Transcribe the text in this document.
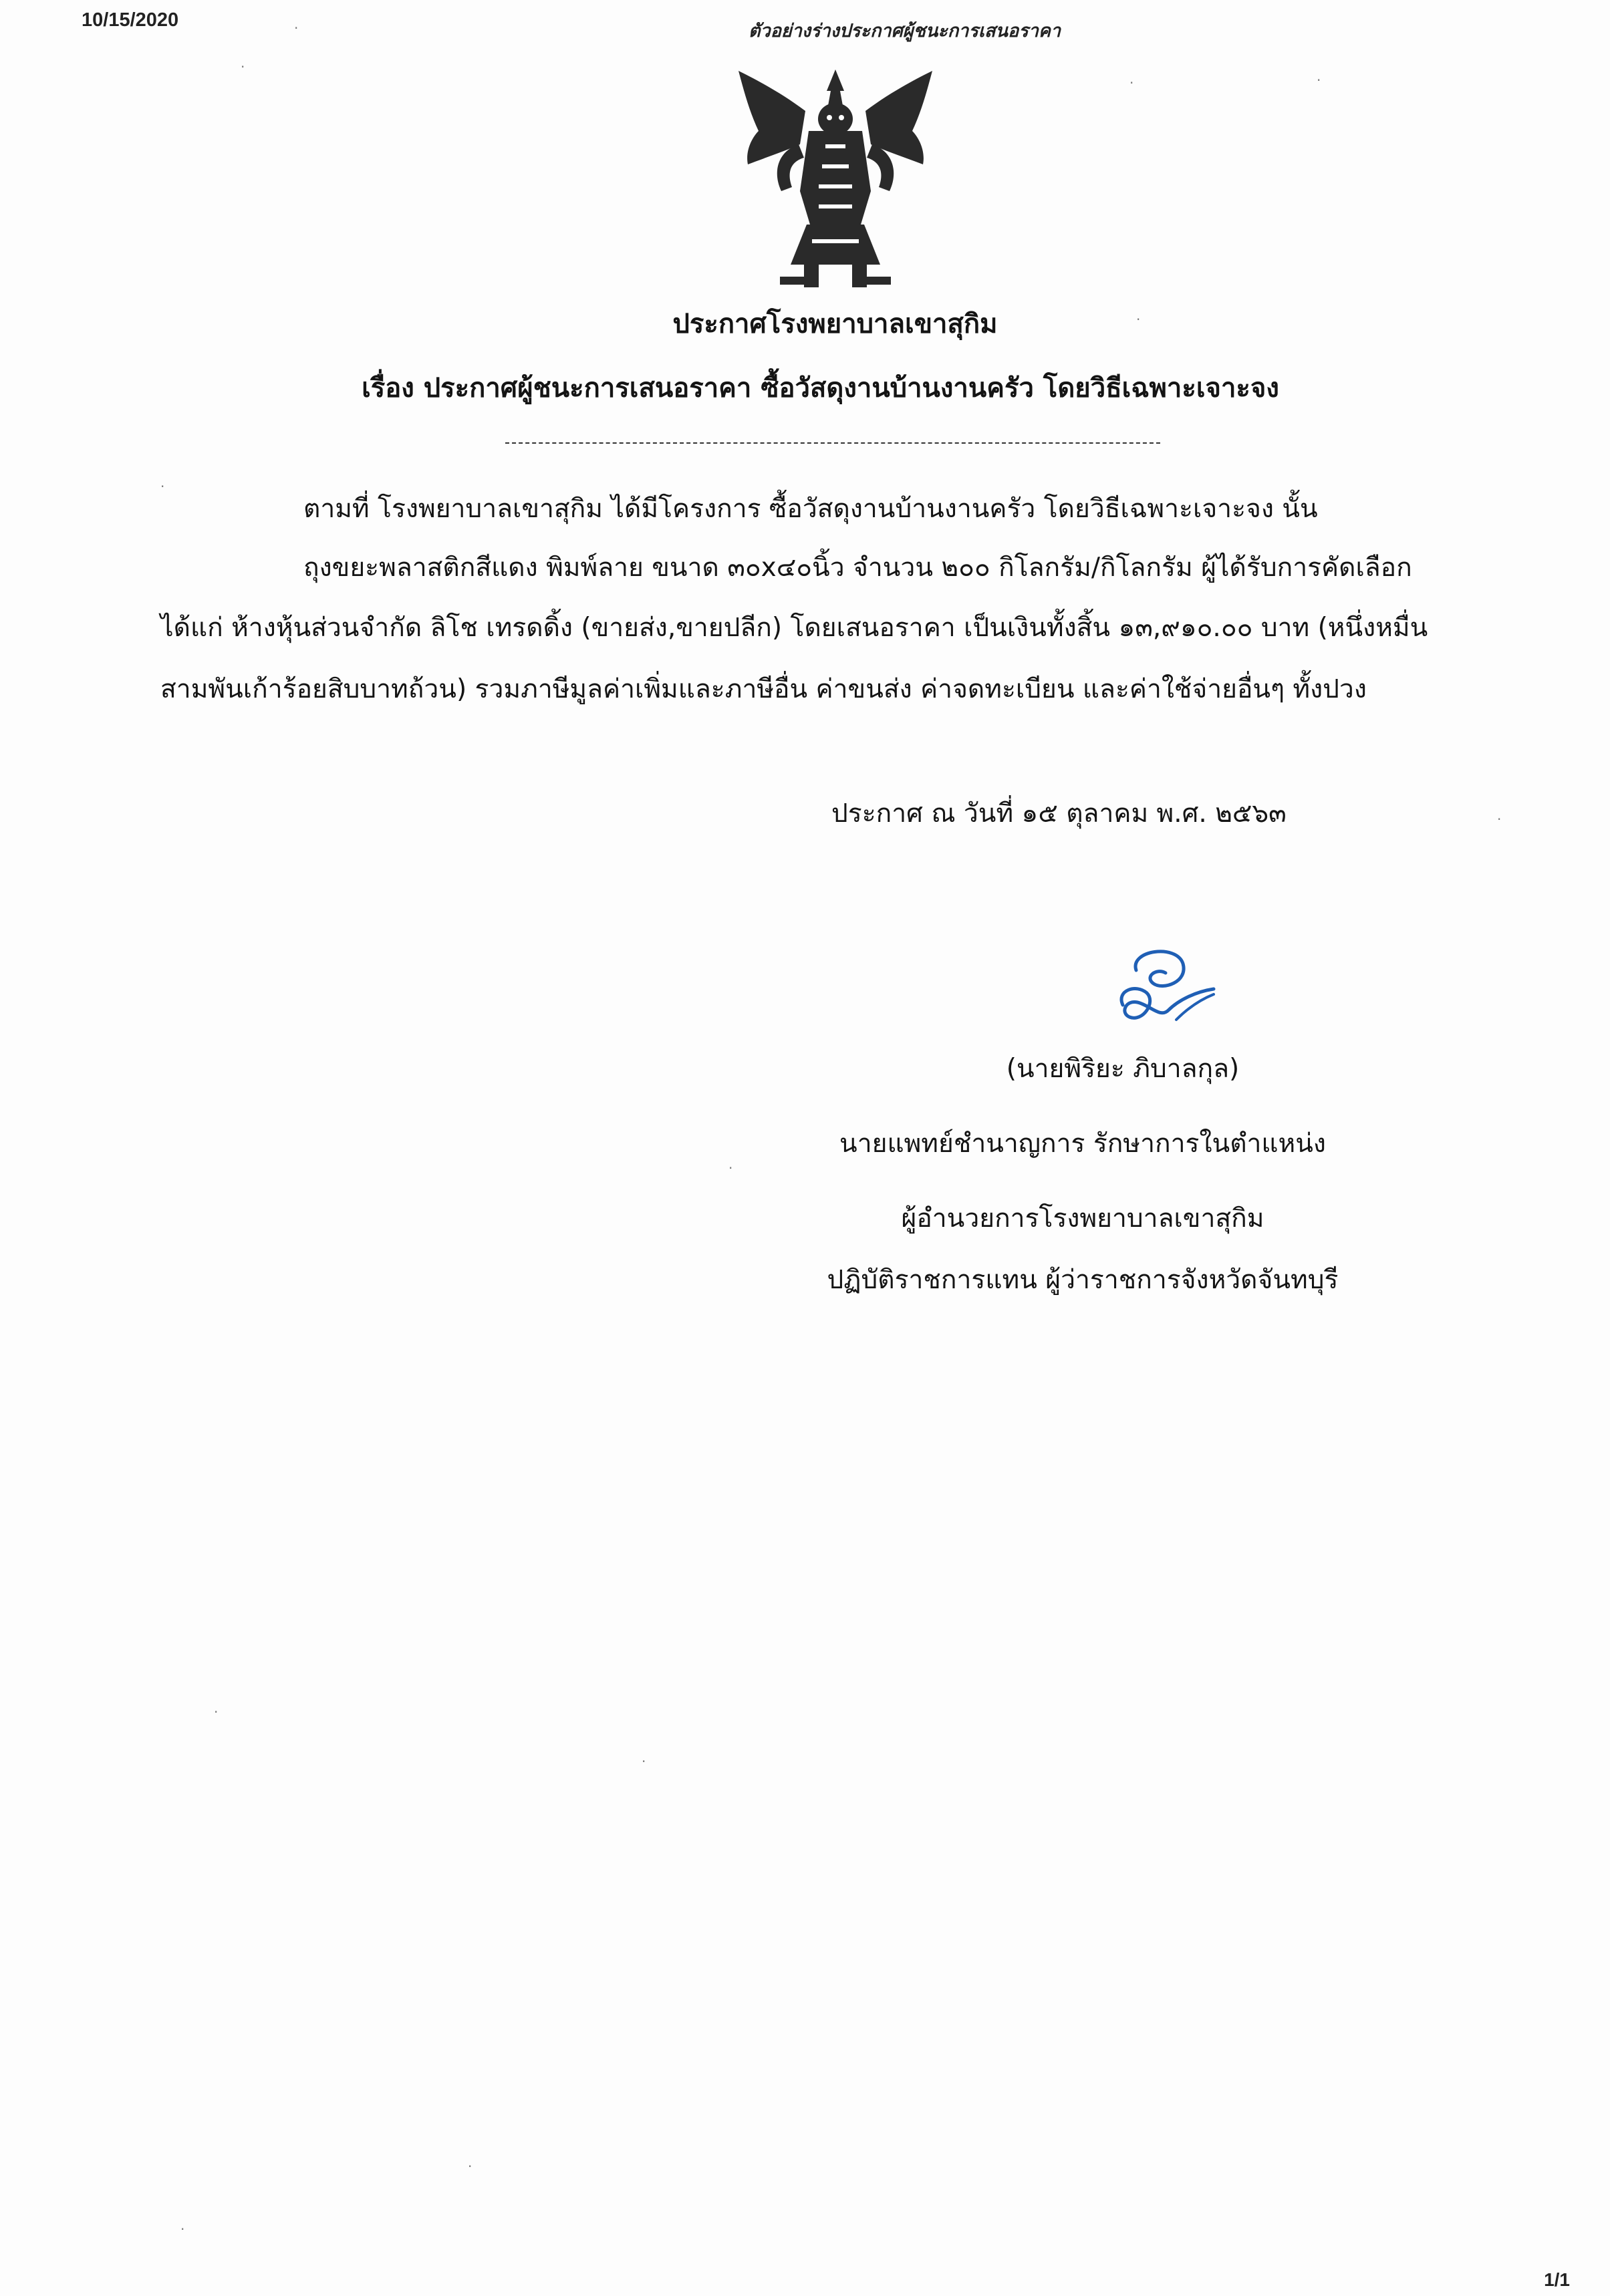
10/15/2020
ตัวอย่างร่างประกาศผู้ชนะการเสนอราคา
ประกาศโรงพยาบาลเขาสุกิม
เรื่อง ประกาศผู้ชนะการเสนอราคา ซื้อวัสดุงานบ้านงานครัว โดยวิธีเฉพาะเจาะจง
ตามที่ โรงพยาบาลเขาสุกิม ได้มีโครงการ ซื้อวัสดุงานบ้านงานครัว โดยวิธีเฉพาะเจาะจง นั้น
ถุงขยะพลาสติกสีแดง พิมพ์ลาย ขนาด ๓๐x๔๐นิ้ว จำนวน ๒๐๐ กิโลกรัม/กิโลกรัม ผู้ได้รับการคัดเลือก
ได้แก่ ห้างหุ้นส่วนจำกัด ลิโช เทรดดิ้ง (ขายส่ง,ขายปลีก) โดยเสนอราคา เป็นเงินทั้งสิ้น ๑๓,๙๑๐.๐๐ บาท (หนึ่งหมื่น
สามพันเก้าร้อยสิบบาทถ้วน) รวมภาษีมูลค่าเพิ่มและภาษีอื่น ค่าขนส่ง ค่าจดทะเบียน และค่าใช้จ่ายอื่นๆ ทั้งปวง
ประกาศ ณ วันที่ ๑๕ ตุลาคม พ.ศ. ๒๕๖๓
(นายพิริยะ ภิบาลกุล)
นายแพทย์ชำนาญการ รักษาการในตำแหน่ง
ผู้อำนวยการโรงพยาบาลเขาสุกิม
ปฏิบัติราชการแทน ผู้ว่าราชการจังหวัดจันทบุรี
1/1
·
·
·	·
·
·
·
·
·
·
·
·
